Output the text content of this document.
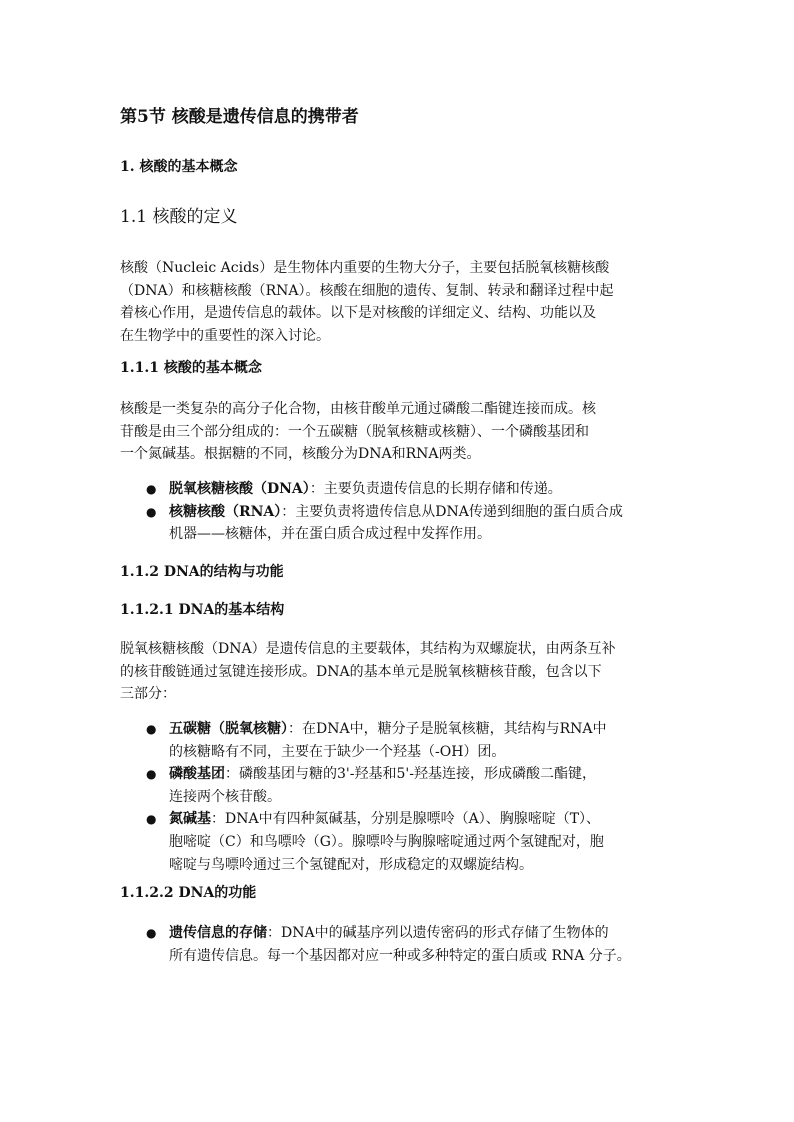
第5节 核酸是遗传信息的携带者
1. 核酸的基本概念
1.1 核酸的定义
核酸（Nucleic Acids）是生物体内重要的生物大分子，主要包括脱氧核糖核酸
（DNA）和核糖核酸（RNA）。核酸在细胞的遗传、复制、转录和翻译过程中起
着核心作用，是遗传信息的载体。以下是对核酸的详细定义、结构、功能以及
在生物学中的重要性的深入讨论。
1.1.1 核酸的基本概念
核酸是一类复杂的高分子化合物，由核苷酸单元通过磷酸二酯键连接而成。核
苷酸是由三个部分组成的：一个五碳糖（脱氧核糖或核糖）、一个磷酸基团和
一个氮碱基。根据糖的不同，核酸分为DNA和RNA两类。
● 脱氧核糖核酸（DNA）：主要负责遗传信息的长期存储和传递。
● 核糖核酸（RNA）：主要负责将遗传信息从DNA传递到细胞的蛋白质合成
机器——核糖体，并在蛋白质合成过程中发挥作用。
1.1.2 DNA的结构与功能
1.1.2.1 DNA的基本结构
脱氧核糖核酸（DNA）是遗传信息的主要载体，其结构为双螺旋状，由两条互补
的核苷酸链通过氢键连接形成。DNA的基本单元是脱氧核糖核苷酸，包含以下
三部分：
● 五碳糖（脱氧核糖）：在DNA中，糖分子是脱氧核糖，其结构与RNA中
的核糖略有不同，主要在于缺少一个羟基（-OH）团。
● 磷酸基团：磷酸基团与糖的3'-羟基和5'-羟基连接，形成磷酸二酯键，
连接两个核苷酸。
● 氮碱基：DNA中有四种氮碱基，分别是腺嘌呤（A）、胸腺嘧啶（T）、
胞嘧啶（C）和鸟嘌呤（G）。腺嘌呤与胸腺嘧啶通过两个氢键配对，胞
嘧啶与鸟嘌呤通过三个氢键配对，形成稳定的双螺旋结构。
1.1.2.2 DNA的功能
● 遗传信息的存储：DNA中的碱基序列以遗传密码的形式存储了生物体的
所有遗传信息。每一个基因都对应一种或多种特定的蛋白质或 RNA 分子。
